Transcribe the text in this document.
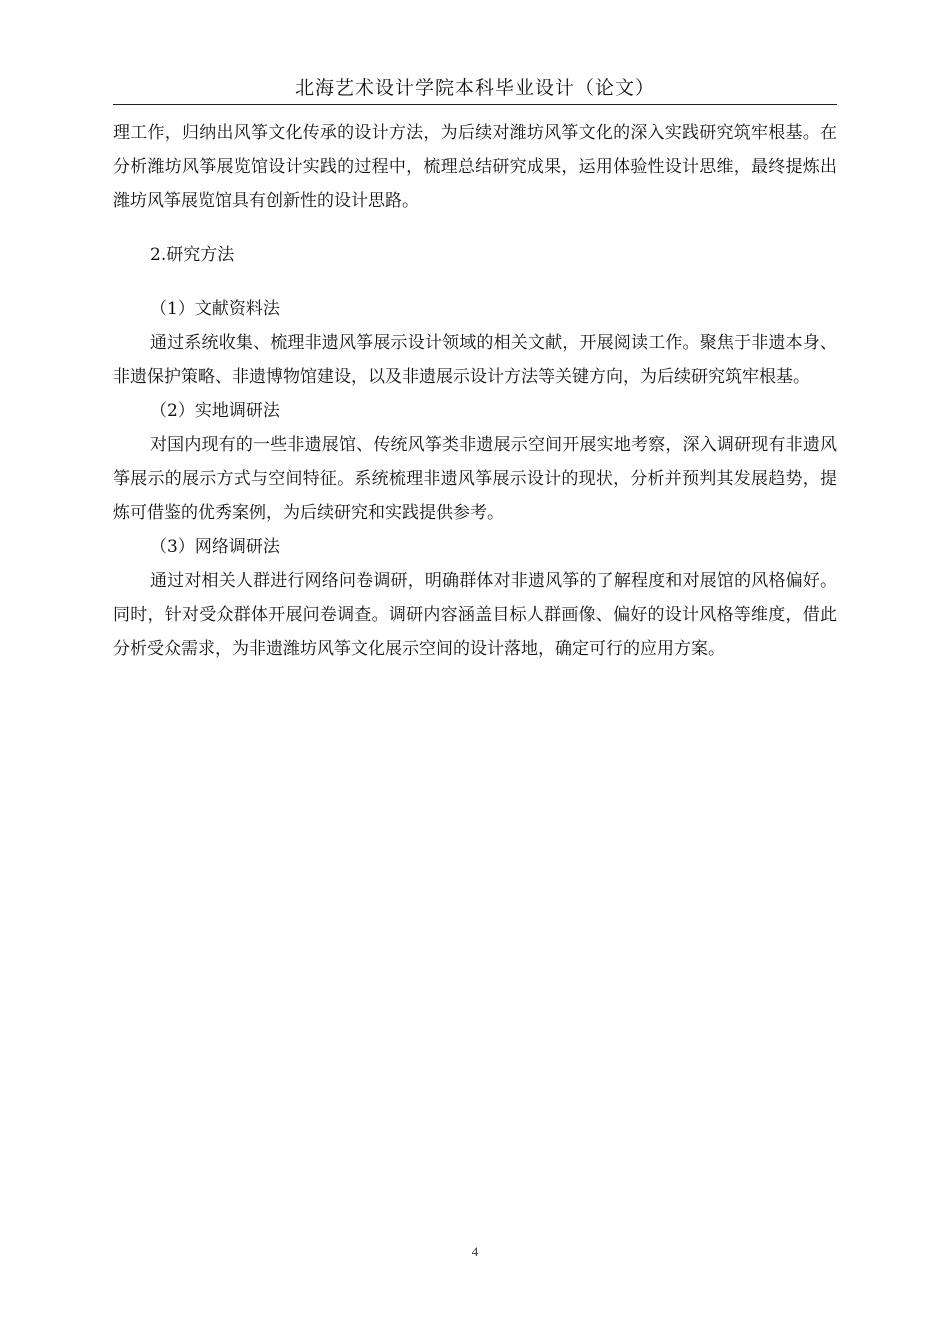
北海艺术设计学院本科毕业设计（论文）

理工作，归纳出风筝文化传承的设计方法，为后续对潍坊风筝文化的深入实践研究筑牢根基。在分析潍坊风筝展览馆设计实践的过程中，梳理总结研究成果，运用体验性设计思维，最终提炼出潍坊风筝展览馆具有创新性的设计思路。

2.研究方法

（1）文献资料法

通过系统收集、梳理非遗风筝展示设计领域的相关文献，开展阅读工作。聚焦于非遗本身、非遗保护策略、非遗博物馆建设，以及非遗展示设计方法等关键方向，为后续研究筑牢根基。

（2）实地调研法

对国内现有的一些非遗展馆、传统风筝类非遗展示空间开展实地考察，深入调研现有非遗风筝展示的展示方式与空间特征。系统梳理非遗风筝展示设计的现状，分析并预判其发展趋势，提炼可借鉴的优秀案例，为后续研究和实践提供参考。

（3）网络调研法

通过对相关人群进行网络问卷调研，明确群体对非遗风筝的了解程度和对展馆的风格偏好。同时，针对受众群体开展问卷调查。调研内容涵盖目标人群画像、偏好的设计风格等维度，借此分析受众需求，为非遗潍坊风筝文化展示空间的设计落地，确定可行的应用方案。

4
